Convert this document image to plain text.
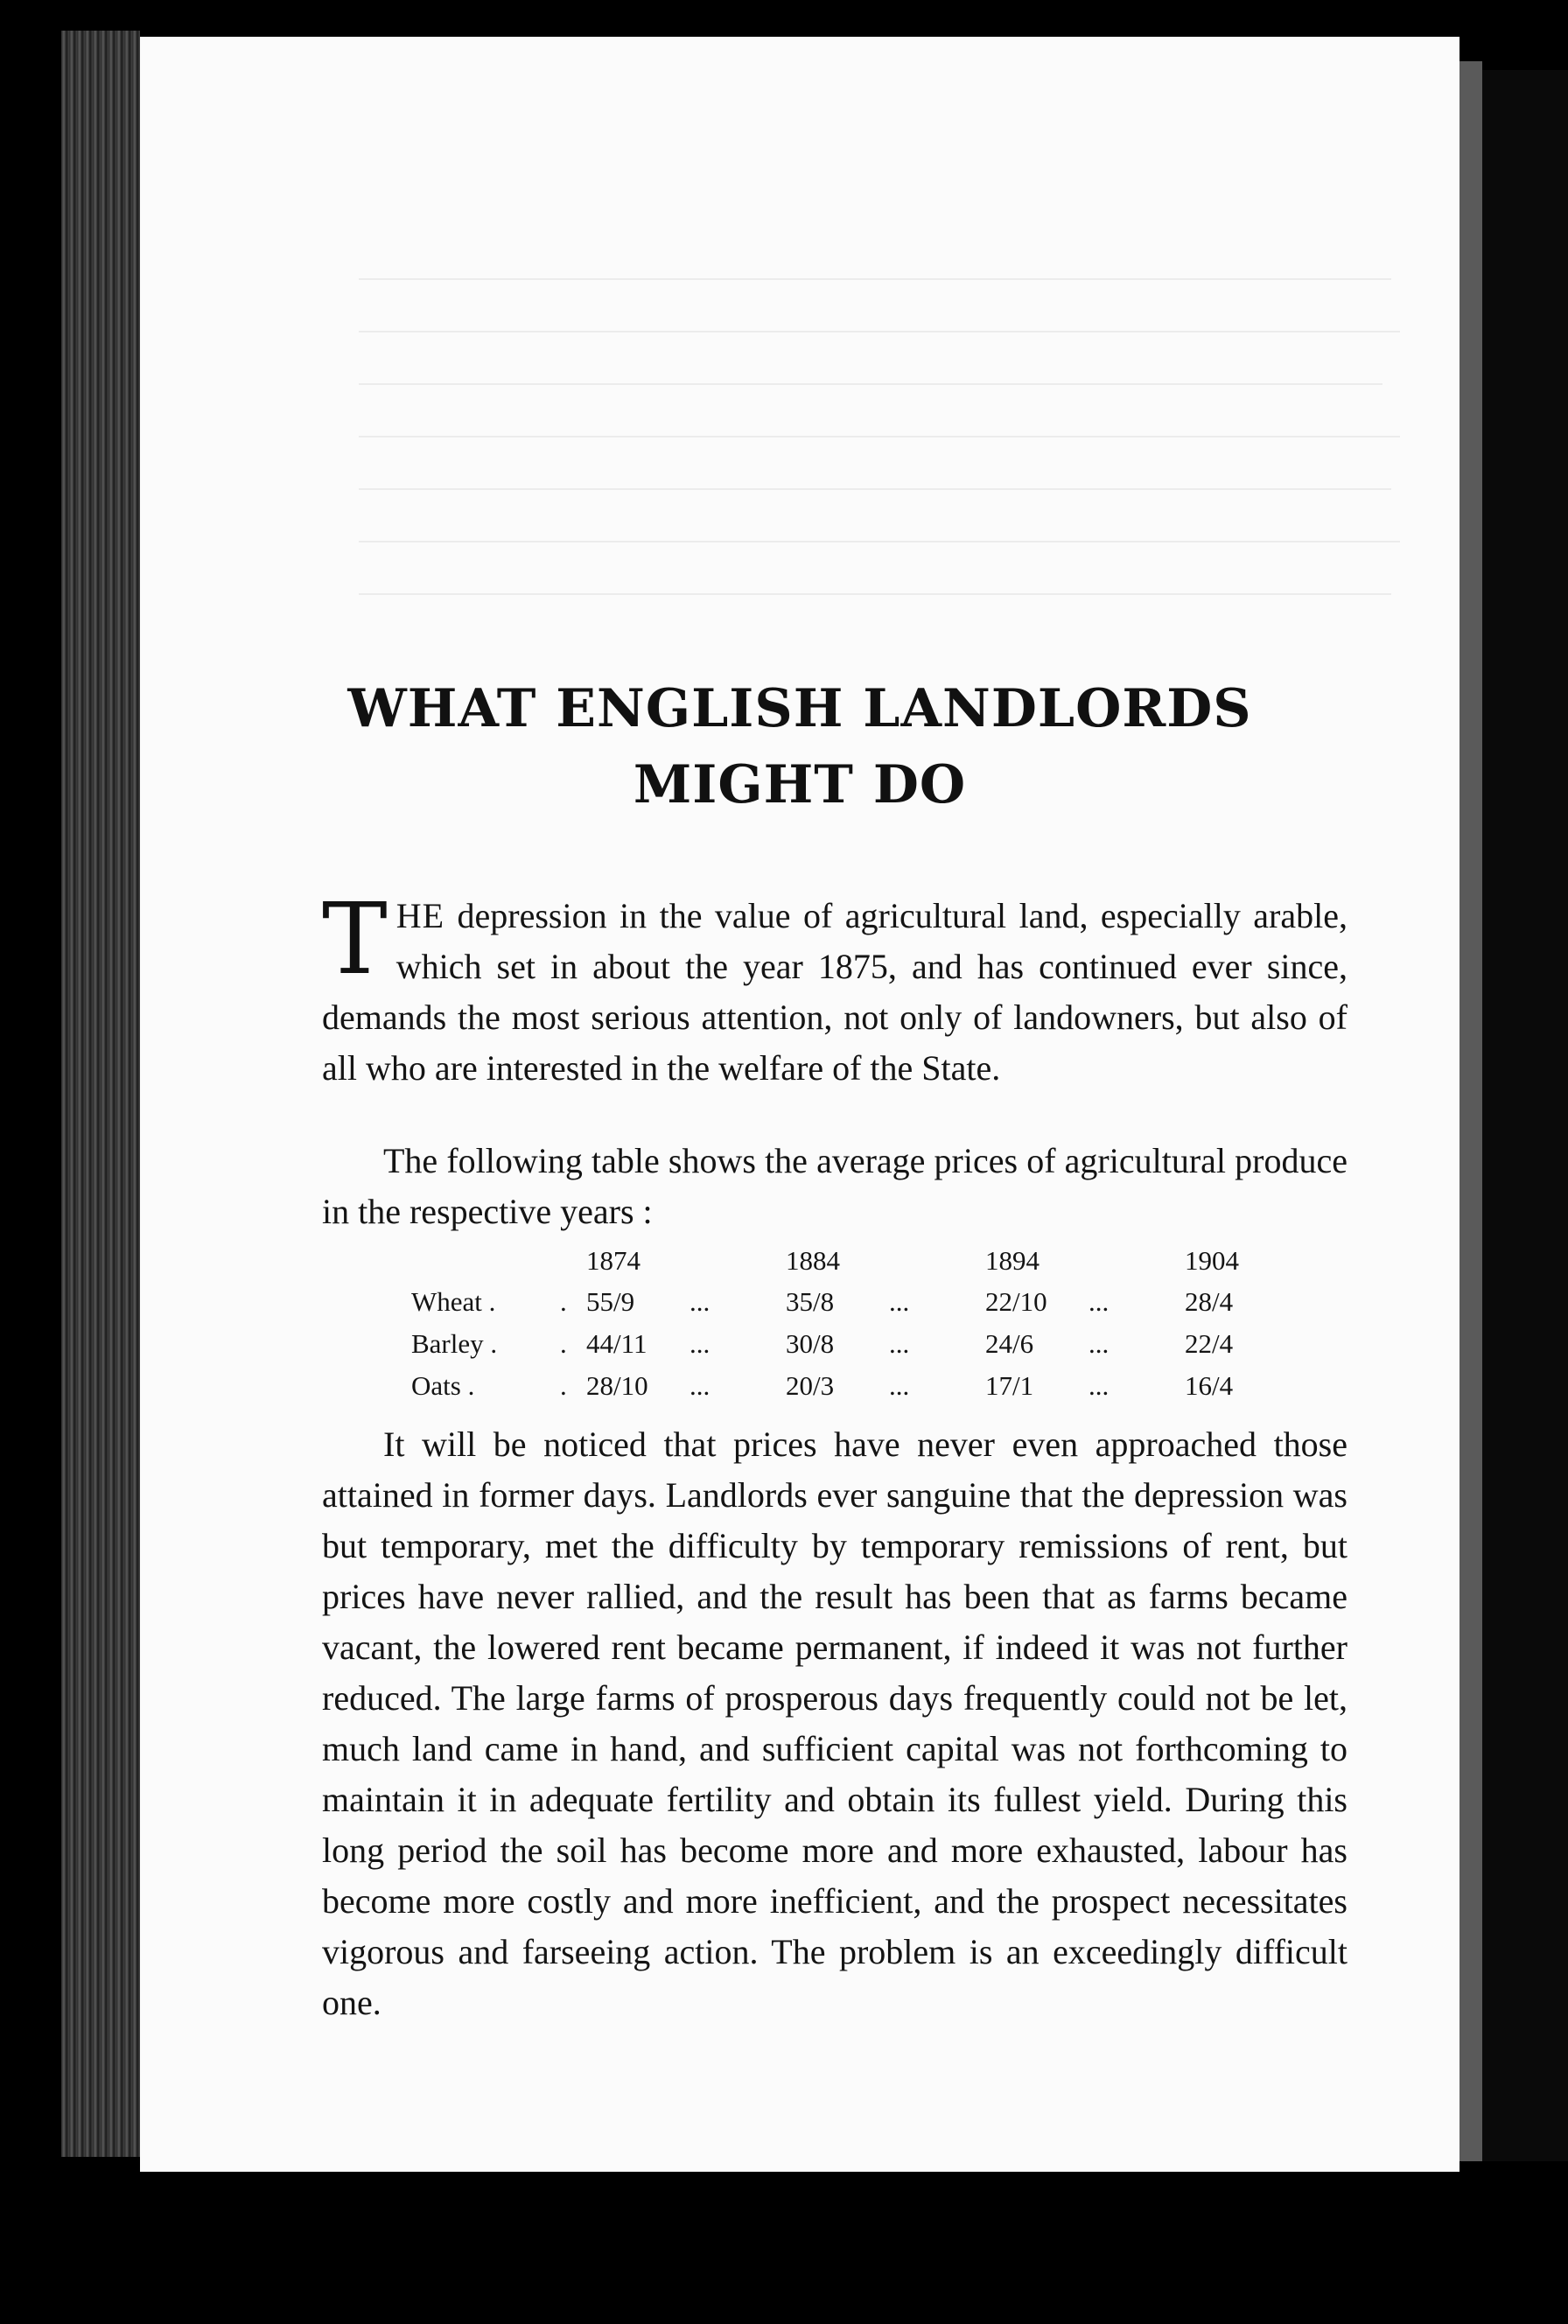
WHAT ENGLISH LANDLORDS
MIGHT DO

THE depression in the value of agricultural land, especially arable, which set in about the year 1875, and has continued ever since, demands the most serious attention, not only of landowners, but also of all who are interested in the welfare of the State.

The following table shows the average prices of agricultural produce in the respective years :

		1874		1884		1894		1904
Wheat .	.	55/9	...	35/8	...	22/10	...	28/4
Barley .	.	44/11	...	30/8	...	24/6	...	22/4
Oats .	.	28/10	...	20/3	...	17/1	...	16/4

It will be noticed that prices have never even approached those attained in former days. Landlords ever sanguine that the depression was but temporary, met the difficulty by temporary remissions of rent, but prices have never rallied, and the result has been that as farms became vacant, the lowered rent became permanent, if indeed it was not further reduced. The large farms of prosperous days frequently could not be let, much land came in hand, and sufficient capital was not forthcoming to maintain it in adequate fertility and obtain its fullest yield. During this long period the soil has become more and more exhausted, labour has become more costly and more inefficient, and the prospect necessitates vigorous and farseeing action. The problem is an exceedingly difficult one.
